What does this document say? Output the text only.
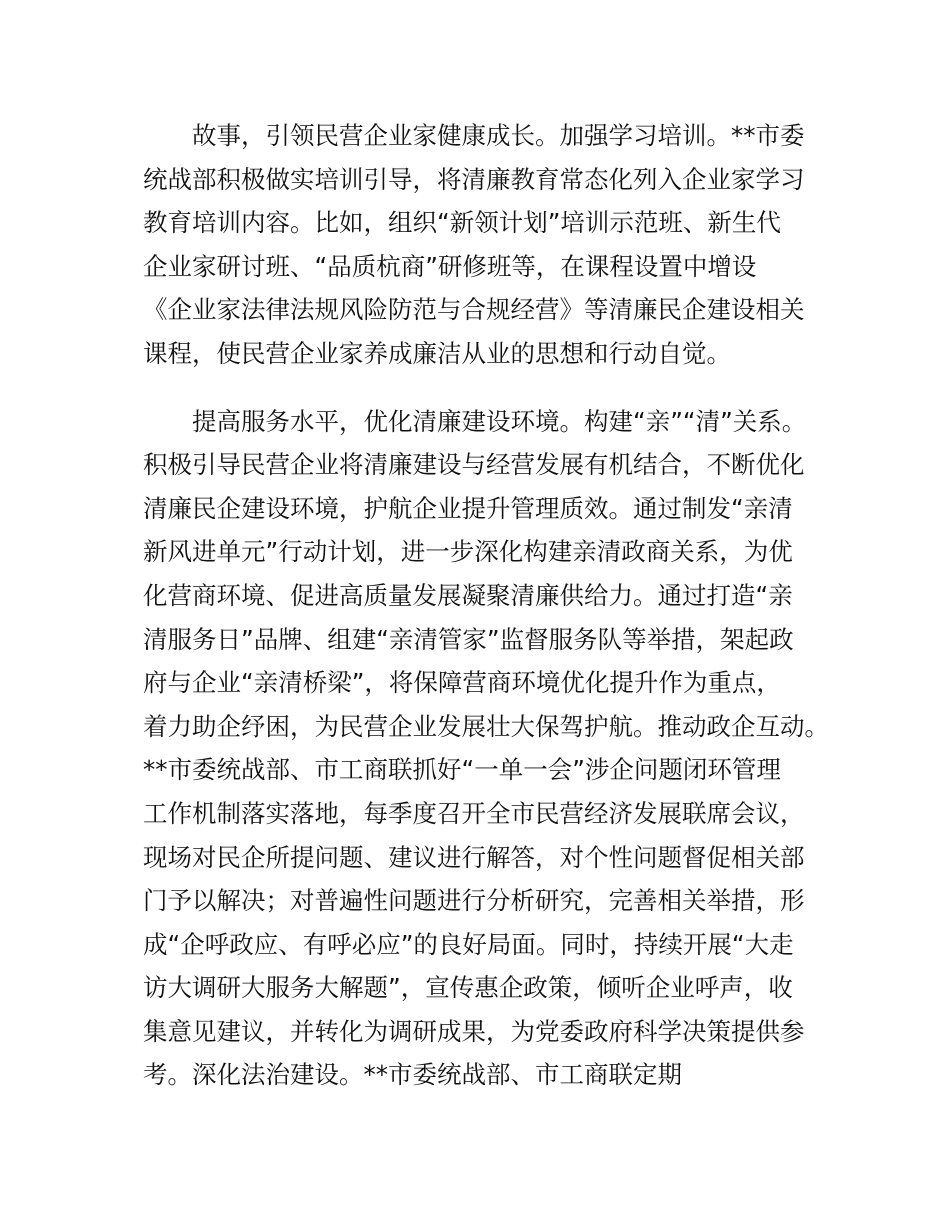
故事，引领民营企业家健康成长。加强学习培训。**市委
统战部积极做实培训引导，将清廉教育常态化列入企业家学习
教育培训内容。比如，组织“新领计划”培训示范班、新生代
企业家研讨班、“品质杭商”研修班等，在课程设置中增设
《企业家法律法规风险防范与合规经营》等清廉民企建设相关
课程，使民营企业家养成廉洁从业的思想和行动自觉。
提高服务水平，优化清廉建设环境。构建“亲”“清”关系。
积极引导民营企业将清廉建设与经营发展有机结合，不断优化
清廉民企建设环境，护航企业提升管理质效。通过制发“亲清
新风进单元”行动计划，进一步深化构建亲清政商关系，为优
化营商环境、促进高质量发展凝聚清廉供给力。通过打造“亲
清服务日”品牌、组建“亲清管家”监督服务队等举措，架起政
府与企业“亲清桥梁”，将保障营商环境优化提升作为重点，
着力助企纾困，为民营企业发展壮大保驾护航。推动政企互动。
**市委统战部、市工商联抓好“一单一会”涉企问题闭环管理
工作机制落实落地，每季度召开全市民营经济发展联席会议，
现场对民企所提问题、建议进行解答，对个性问题督促相关部
门予以解决；对普遍性问题进行分析研究，完善相关举措，形
成“企呼政应、有呼必应”的良好局面。同时，持续开展“大走
访大调研大服务大解题”，宣传惠企政策，倾听企业呼声，收
集意见建议，并转化为调研成果，为党委政府科学决策提供参
考。深化法治建设。**市委统战部、市工商联定期
